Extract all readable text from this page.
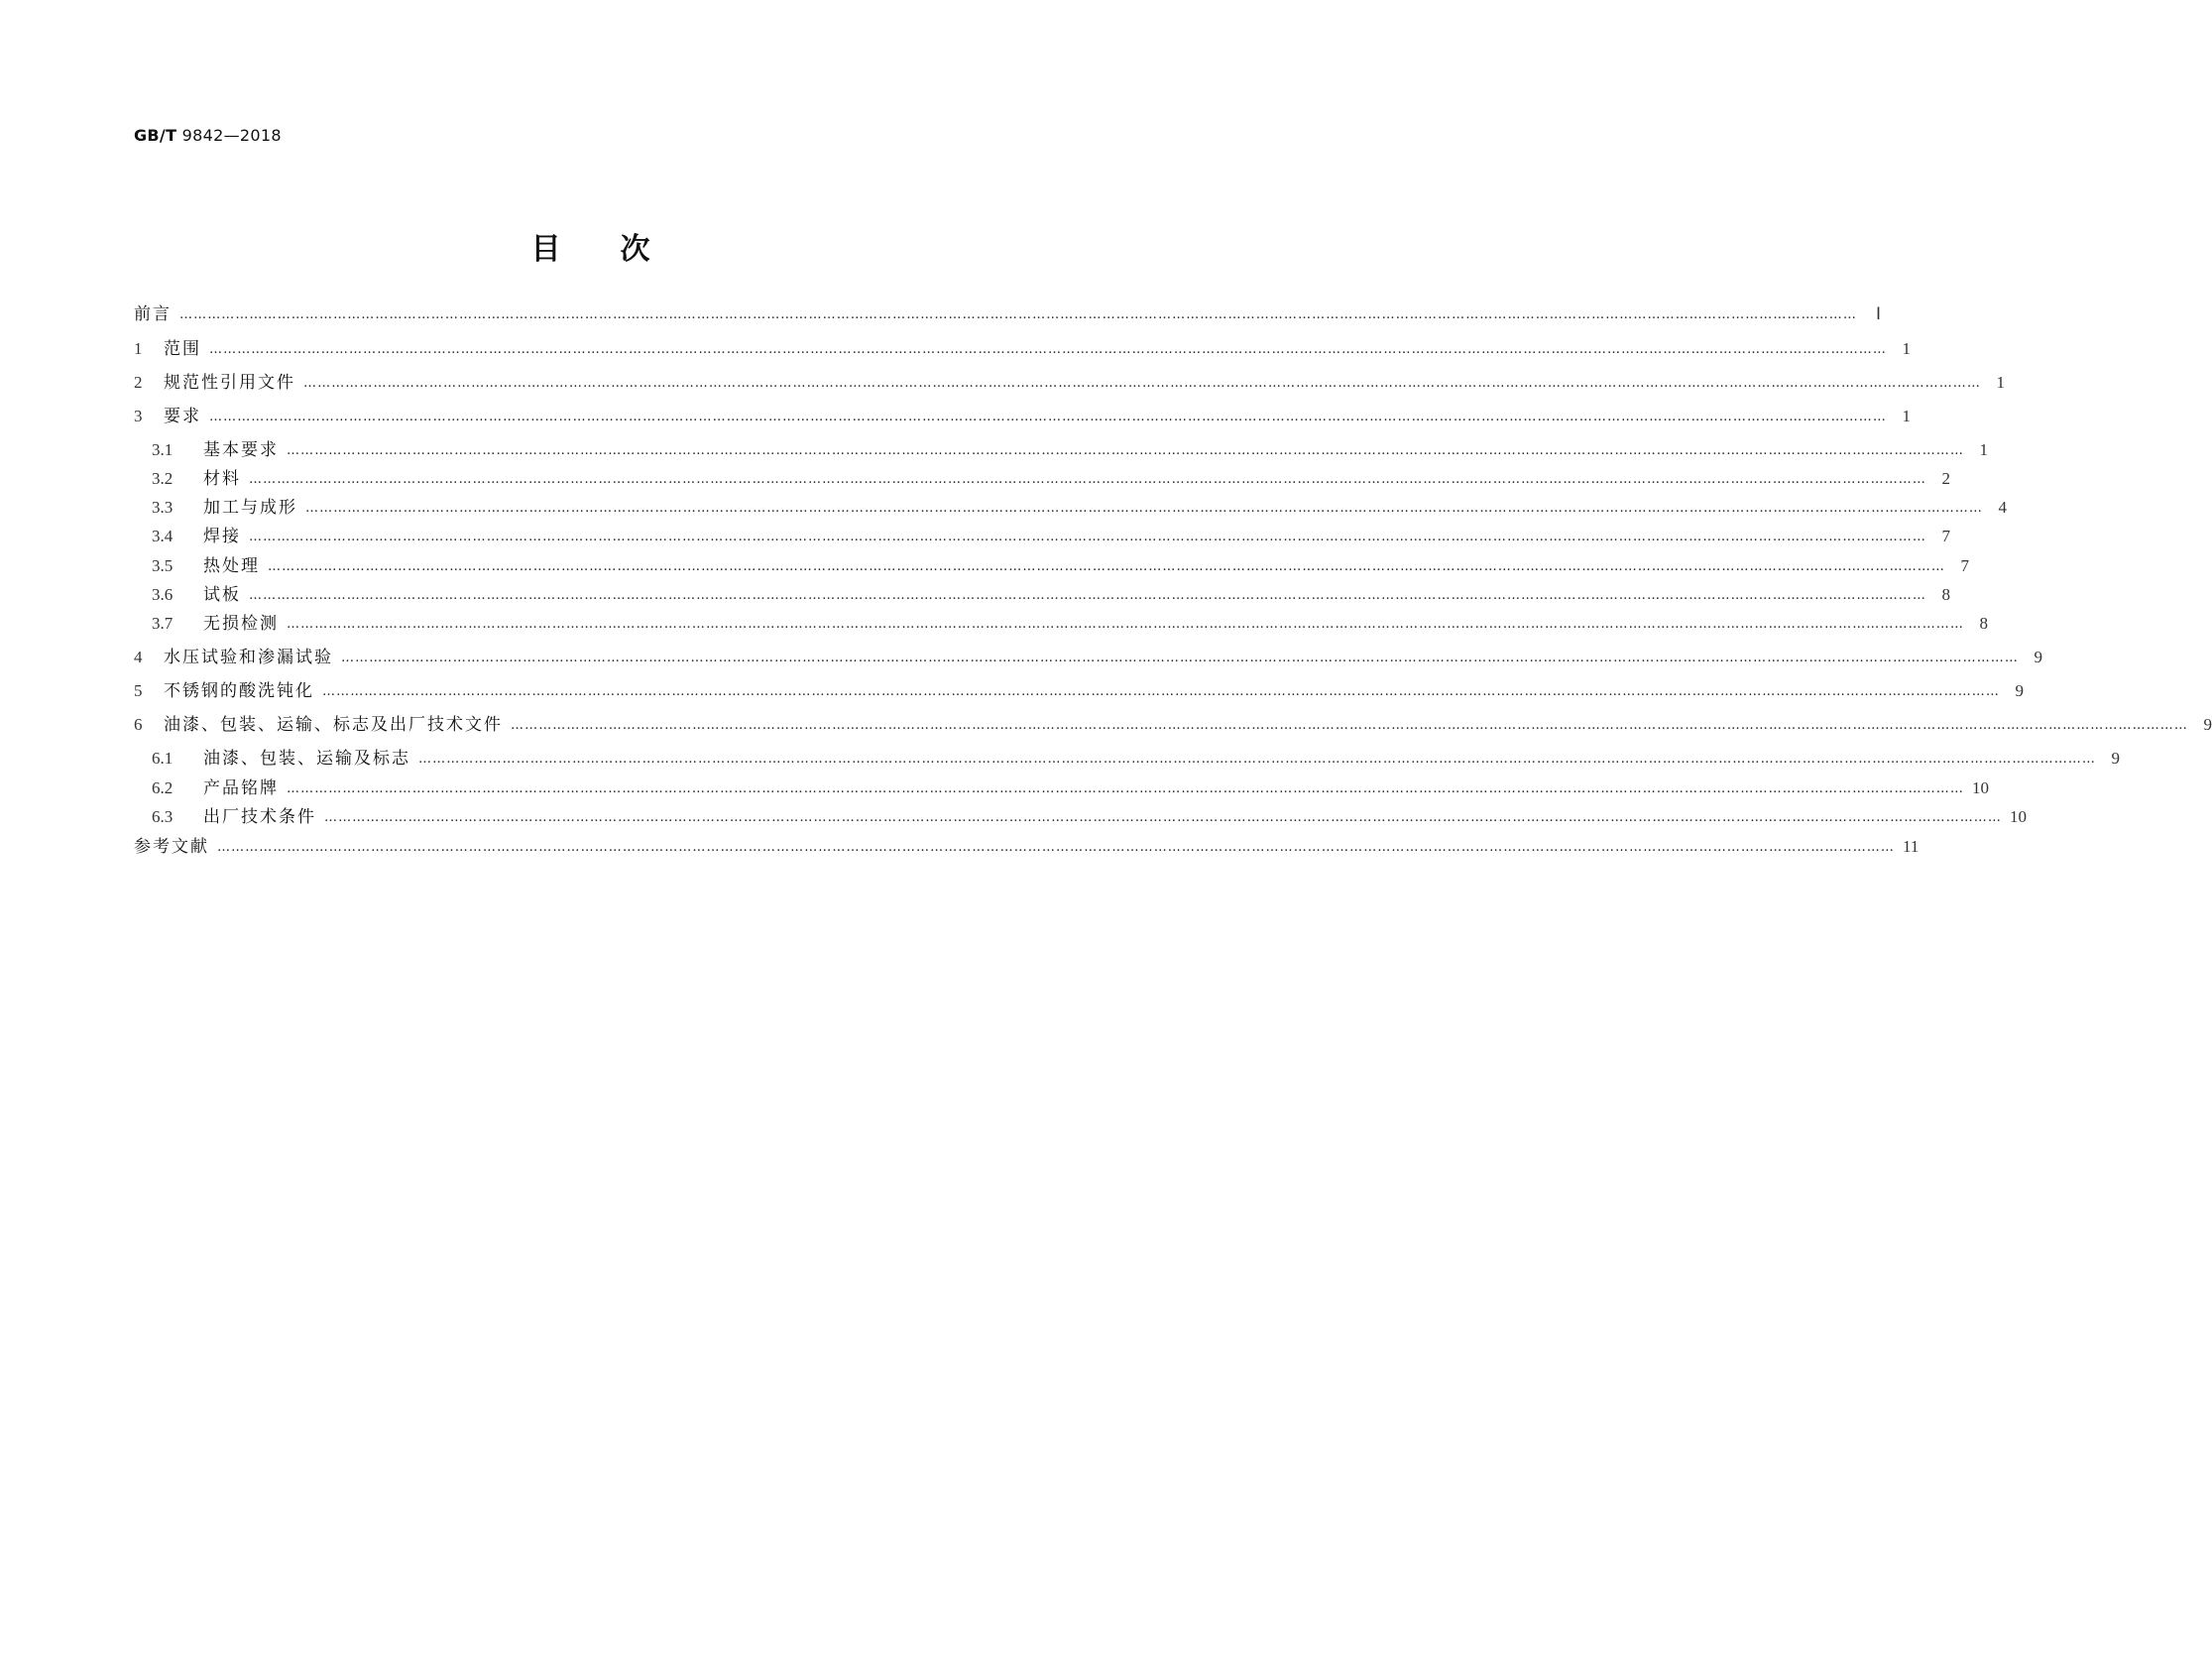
GB/T 9842—2018
目次
前言 ………………………………………………………………………………………………………………………………………………………………………………………………………………………………………………………………………………………………………………………………	Ⅰ
1	范围 ……………………………………………………………………………………………………………………………………………………………………………………………………………………………………………………………………………………………………………………………… 1
2	规范性引用文件 ……………………………………………………………………………………………………………………………………………………………………………………………………………………………………………………………………………………………………………………………… 1
3	要求 ……………………………………………………………………………………………………………………………………………………………………………………………………………………………………………………………………………………………………………………………… 1
3.1	基本要求 ……………………………………………………………………………………………………………………………………………………………………………………………………………………………………………………………………………………………………………………………… 1
3.2	材料 ……………………………………………………………………………………………………………………………………………………………………………………………………………………………………………………………………………………………………………………………… 2
3.3	加工与成形 ……………………………………………………………………………………………………………………………………………………………………………………………………………………………………………………………………………………………………………………………… 4
3.4	焊接 ……………………………………………………………………………………………………………………………………………………………………………………………………………………………………………………………………………………………………………………………… 7
3.5	热处理 ……………………………………………………………………………………………………………………………………………………………………………………………………………………………………………………………………………………………………………………………… 7
3.6	试板 ……………………………………………………………………………………………………………………………………………………………………………………………………………………………………………………………………………………………………………………………… 8
3.7	无损检测 ……………………………………………………………………………………………………………………………………………………………………………………………………………………………………………………………………………………………………………………………… 8
4	水压试验和渗漏试验 ……………………………………………………………………………………………………………………………………………………………………………………………………………………………………………………………………………………………………………………………… 9
5	不锈钢的酸洗钝化 ……………………………………………………………………………………………………………………………………………………………………………………………………………………………………………………………………………………………………………………………… 9
6	油漆、包装、运输、标志及出厂技术文件 ……………………………………………………………………………………………………………………………………………………………………………………………………………………………………………………………………………………………………………………………… 9
6.1	油漆、包装、运输及标志 ……………………………………………………………………………………………………………………………………………………………………………………………………………………………………………………………………………………………………………………………… 9
6.2	产品铭牌 ……………………………………………………………………………………………………………………………………………………………………………………………………………………………………………………………………………………………………………………………… 10
6.3	出厂技术条件 ……………………………………………………………………………………………………………………………………………………………………………………………………………………………………………………………………………………………………………………………… 10
参考文献 ……………………………………………………………………………………………………………………………………………………………………………………………………………………………………………………………………………………………………………………………… 11
